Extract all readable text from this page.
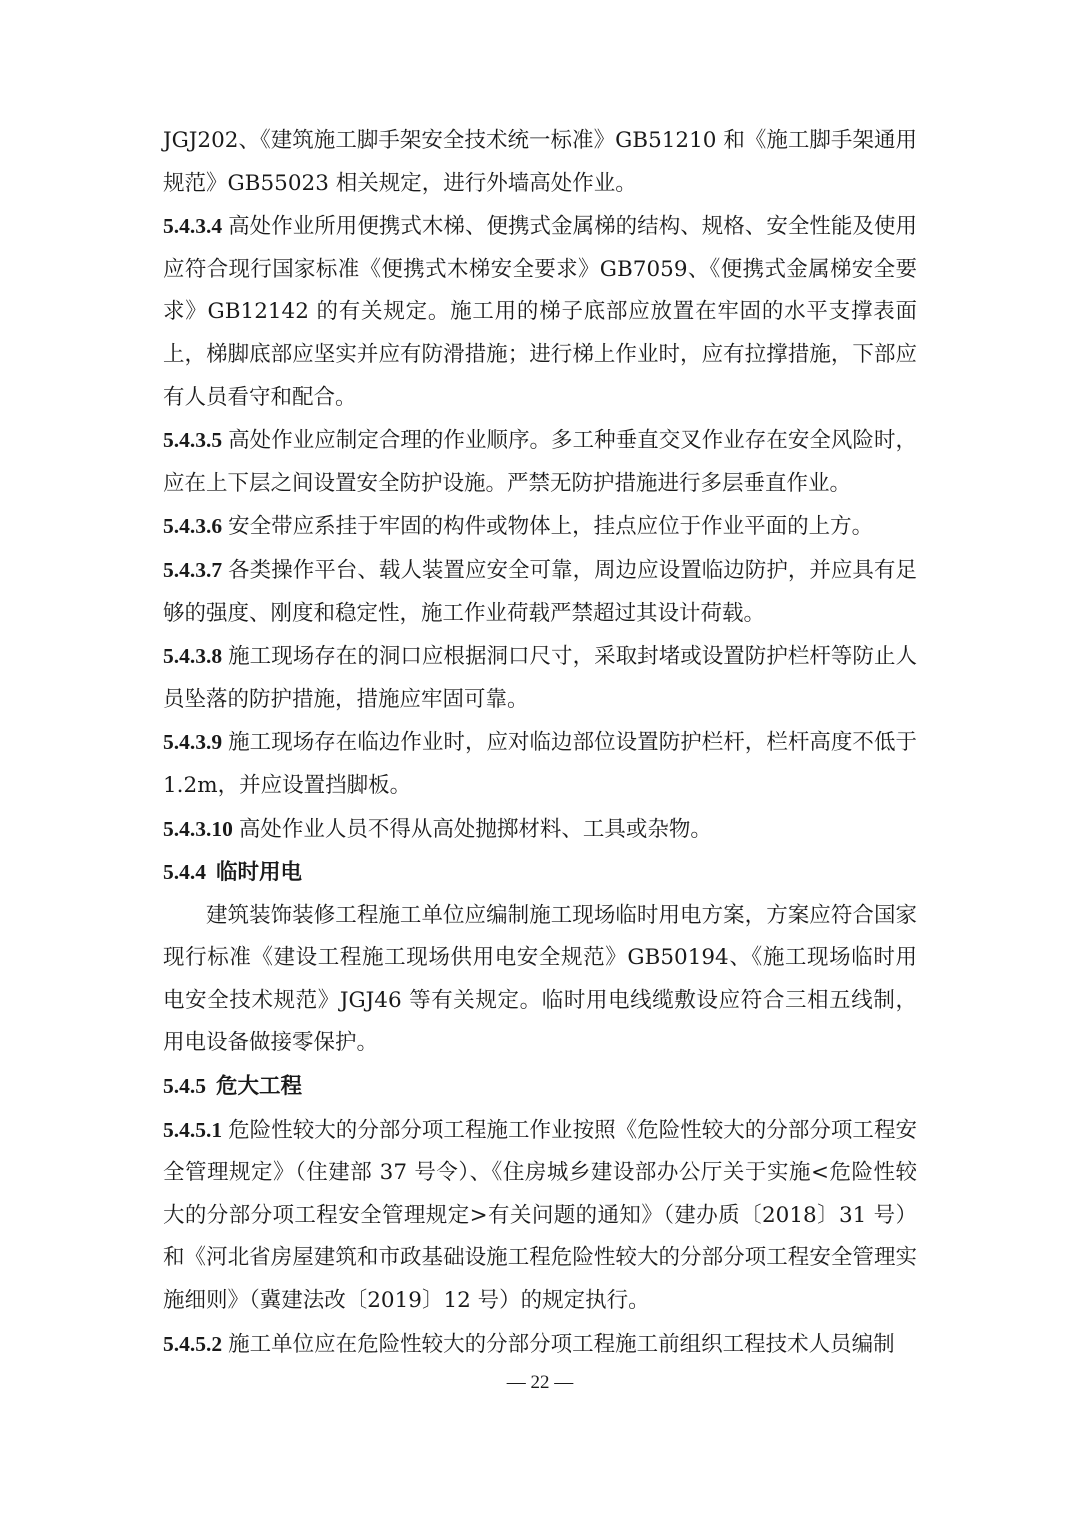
JGJ202、《建筑施工脚手架安全技术统一标准》GB51210 和《施工脚手架通用规范》GB55023 相关规定，进行外墙高处作业。

5.4.3.4 高处作业所用便携式木梯、便携式金属梯的结构、规格、安全性能及使用应符合现行国家标准《便携式木梯安全要求》GB7059、《便携式金属梯安全要求》GB12142 的有关规定。施工用的梯子底部应放置在牢固的水平支撑表面上，梯脚底部应坚实并应有防滑措施；进行梯上作业时，应有拉撑措施，下部应有人员看守和配合。

5.4.3.5 高处作业应制定合理的作业顺序。多工种垂直交叉作业存在安全风险时，应在上下层之间设置安全防护设施。严禁无防护措施进行多层垂直作业。

5.4.3.6 安全带应系挂于牢固的构件或物体上，挂点应位于作业平面的上方。

5.4.3.7 各类操作平台、载人装置应安全可靠，周边应设置临边防护，并应具有足够的强度、刚度和稳定性，施工作业荷载严禁超过其设计荷载。

5.4.3.8 施工现场存在的洞口应根据洞口尺寸，采取封堵或设置防护栏杆等防止人员坠落的防护措施，措施应牢固可靠。

5.4.3.9 施工现场存在临边作业时，应对临边部位设置防护栏杆，栏杆高度不低于 1.2m，并应设置挡脚板。

5.4.3.10 高处作业人员不得从高处抛掷材料、工具或杂物。

5.4.4 临时用电

建筑装饰装修工程施工单位应编制施工现场临时用电方案，方案应符合国家现行标准《建设工程施工现场供用电安全规范》GB50194、《施工现场临时用电安全技术规范》JGJ46 等有关规定。临时用电线缆敷设应符合三相五线制，用电设备做接零保护。

5.4.5 危大工程

5.4.5.1 危险性较大的分部分项工程施工作业按照《危险性较大的分部分项工程安全管理规定》（住建部 37 号令）、《住房城乡建设部办公厅关于实施<危险性较大的分部分项工程安全管理规定>有关问题的通知》（建办质〔2018〕31 号）和《河北省房屋建筑和市政基础设施工程危险性较大的分部分项工程安全管理实施细则》（冀建法改〔2019〕12 号）的规定执行。

5.4.5.2 施工单位应在危险性较大的分部分项工程施工前组织工程技术人员编制

— 22 —
